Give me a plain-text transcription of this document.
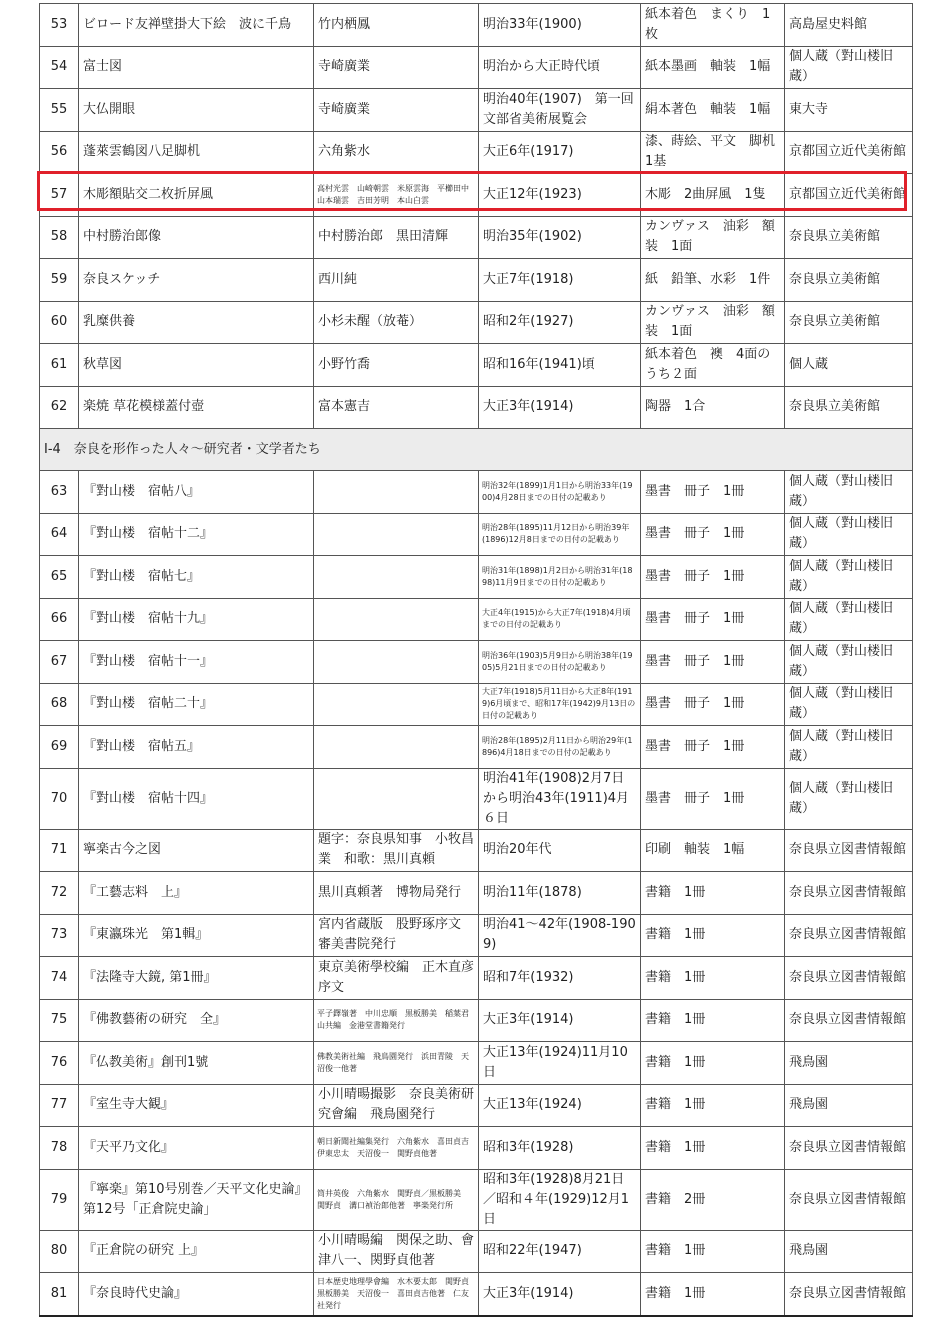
53	ビロード友禅壁掛大下絵　波に千鳥	竹内栖鳳	明治33年(1900)	紙本着色　まくり　1枚	高島屋史料館
54	富士図	寺崎廣業	明治から大正時代頃	紙本墨画　軸装　1幅	個人蔵（對山楼旧蔵）
55	大仏開眼	寺崎廣業	明治40年(1907)　第一回文部省美術展覧会	絹本著色　軸装　1幅	東大寺
56	蓬萊雲鶴図八足脚机	六角紫水	大正6年(1917)	漆、蒔絵、平文　脚机1基	京都国立近代美術館
57	木彫額貼交二枚折屏風	高村光雲　山崎朝雲　米原雲海　平櫛田中　山本瑞雲　吉田芳明　本山白雲	大正12年(1923)	木彫　2曲屏風　1隻	京都国立近代美術館
58	中村勝治郎像	中村勝治郎　黒田清輝	明治35年(1902)	カンヴァス　油彩　額装　1面	奈良県立美術館
59	奈良スケッチ	西川純	大正7年(1918)	紙　鉛筆、水彩　1件	奈良県立美術館
60	乳糜供養	小杉未醒（放菴）	昭和2年(1927)	カンヴァス　油彩　額装　1面	奈良県立美術館
61	秋草図	小野竹喬	昭和16年(1941)頃	紙本着色　襖　4面のうち２面	個人蔵
62	楽焼 草花模様蓋付壺	富本憲吉	大正3年(1914)	陶器　1合	奈良県立美術館
Ⅰ-4　奈良を形作った人々～研究者・文学者たち					
63	『對山楼　宿帖八』		明治32年(1899)1月1日から明治33年(1900)4月28日までの日付の記載あり	墨書　冊子　1冊	個人蔵（對山楼旧蔵）
64	『對山楼　宿帖十二』		明治28年(1895)11月12日から明治39年(1896)12月8日までの日付の記載あり	墨書　冊子　1冊	個人蔵（對山楼旧蔵）
65	『對山楼　宿帖七』		明治31年(1898)1月2日から明治31年(1898)11月9日までの日付の記載あり	墨書　冊子　1冊	個人蔵（對山楼旧蔵）
66	『對山楼　宿帖十九』		大正4年(1915)から大正7年(1918)4月頃までの日付の記載あり	墨書　冊子　1冊	個人蔵（對山楼旧蔵）
67	『對山楼　宿帖十一』		明治36年(1903)5月9日から明治38年(1905)5月21日までの日付の記載あり	墨書　冊子　1冊	個人蔵（對山楼旧蔵）
68	『對山楼　宿帖二十』		大正7年(1918)5月11日から大正8年(1919)6月頃まで、昭和17年(1942)9月13日の日付の記載あり	墨書　冊子　1冊	個人蔵（對山楼旧蔵）
69	『對山楼　宿帖五』		明治28年(1895)2月11日から明治29年(1896)4月18日までの日付の記載あり	墨書　冊子　1冊	個人蔵（對山楼旧蔵）
70	『對山楼　宿帖十四』		明治41年(1908)2月7日から明治43年(1911)4月６日	墨書　冊子　1冊	個人蔵（對山楼旧蔵）
71	寧楽古今之図	題字：奈良県知事　小牧昌業　和歌：黒川真頼	明治20年代	印刷　軸装　1幅	奈良県立図書情報館
72	『工藝志料　上』	黒川真頼著　博物局発行	明治11年(1878)	書籍　1冊	奈良県立図書情報館
73	『東瀛珠光　第1輯』	宮内省蔵版　股野琢序文　審美書院発行	明治41～42年(1908-1909)	書籍　1冊	奈良県立図書情報館
74	『法隆寺大鏡, 第1冊』	東京美術學校編　正木直彦序文	昭和7年(1932)	書籍　1冊	奈良県立図書情報館
75	『佛教藝術の研究　全』	平子鐸嶺著　中川忠順　黒板勝美　稲葉君山共編　金港堂書籍発行	大正3年(1914)	書籍　1冊	奈良県立図書情報館
76	『仏教美術』創刊1號	佛教美術社編　飛鳥園発行　浜田青陵　天沼俊一他著	大正13年(1924)11月10日	書籍　1冊	飛鳥園
77	『室生寺大観』	小川晴暘撮影　奈良美術研究會編　飛鳥園発行	大正13年(1924)	書籍　1冊	飛鳥園
78	『天平乃文化』	朝日新聞社編集発行　六角紫水　喜田貞吉　伊東忠太　天沼俊一　関野貞他著	昭和3年(1928)	書籍　1冊	奈良県立図書情報館
79	『寧楽』第10号別巻／天平文化史論』第12号「正倉院史論」	筒井英俊　六角紫水　関野貞／黒板勝美　関野貞　溝口禎治郎他著　寧楽発行所	昭和3年(1928)8月21日／昭和４年(1929)12月1日	書籍　2冊	奈良県立図書情報館
80	『正倉院の研究 上』	小川晴暘編　関保之助、會津八一、関野貞他著	昭和22年(1947)	書籍　1冊	飛鳥園
81	『奈良時代史論』	日本歴史地理學會編　水木要太郎　関野貞　黒板勝美　天沼俊一　喜田貞吉他著　仁友社発行	大正3年(1914)	書籍　1冊	奈良県立図書情報館
